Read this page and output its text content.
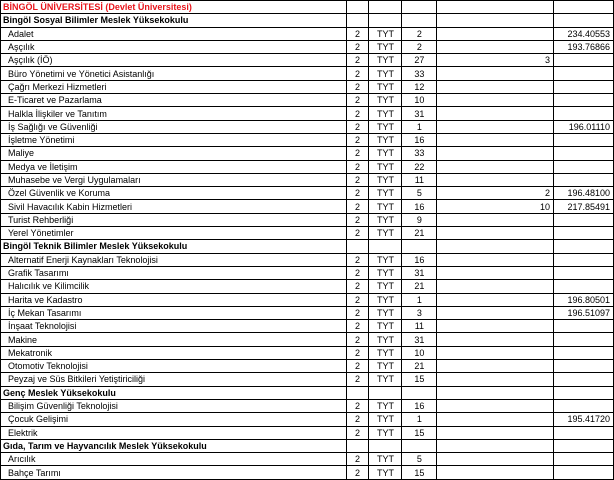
BİNGÖL ÜNİVERSİTESİ (Devlet Üniversitesi)					
Bingöl Sosyal Bilimler Meslek Yüksekokulu					
Adalet	2	TYT	2		234.40553
Aşçılık	2	TYT	2		193.76866
Aşçılık (İÖ)	2	TYT	27	3	
Büro Yönetimi ve Yönetici Asistanlığı	2	TYT	33		
Çağrı Merkezi Hizmetleri	2	TYT	12		
E-Ticaret ve Pazarlama	2	TYT	10		
Halkla İlişkiler ve Tanıtım	2	TYT	31		
İş Sağlığı ve Güvenliği	2	TYT	1		196.01110
İşletme Yönetimi	2	TYT	16		
Maliye	2	TYT	33		
Medya ve İletişim	2	TYT	22		
Muhasebe ve Vergi Uygulamaları	2	TYT	11		
Özel Güvenlik ve Koruma	2	TYT	5	2	196.48100
Sivil Havacılık Kabin Hizmetleri	2	TYT	16	10	217.85491
Turist Rehberliği	2	TYT	9		
Yerel Yönetimler	2	TYT	21		
Bingöl Teknik Bilimler Meslek Yüksekokulu					
Alternatif Enerji Kaynakları Teknolojisi	2	TYT	16		
Grafik Tasarımı	2	TYT	31		
Halıcılık ve Kilimcilik	2	TYT	21		
Harita ve Kadastro	2	TYT	1		196.80501
İç Mekan Tasarımı	2	TYT	3		196.51097
İnşaat Teknolojisi	2	TYT	11		
Makine	2	TYT	31		
Mekatronik	2	TYT	10		
Otomotiv Teknolojisi	2	TYT	21		
Peyzaj ve Süs Bitkileri Yetiştiriciliği	2	TYT	15		
Genç Meslek Yüksekokulu					
Bilişim Güvenliği Teknolojisi	2	TYT	16		
Çocuk Gelişimi	2	TYT	1		195.41720
Elektrik	2	TYT	15		
Gıda, Tarım ve Hayvancılık Meslek Yüksekokulu					
Arıcılık	2	TYT	5		
Bahçe Tarımı	2	TYT	15		
